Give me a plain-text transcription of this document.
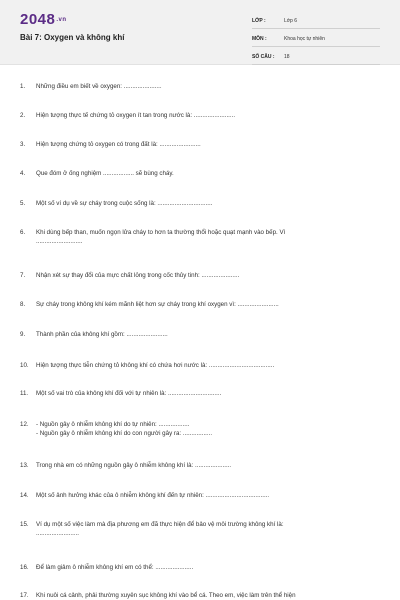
2048.vn
Bài 7: Oxygen và không khí
LỚP :	Lớp 6
MÔN :	Khoa học tự nhiên
SỐ CÂU :	18
1.	Những điều em biết về oxygen: ......................
2.	Hiện tượng thực tế chứng tỏ oxygen ít tan trong nước là: ........................
3.	Hiện tượng chứng tỏ oxygen có trong đất là: ........................
4.	Que đóm ở ống nghiệm .................. sẽ bùng cháy.
5.	Một số ví dụ về sự cháy trong cuộc sống là: ................................
6.	Khi dùng bếp than, muốn ngọn lửa cháy to hơn ta thường thổi hoặc quạt mạnh vào bếp. Vì
...........................
7.	Nhận xét sự thay đổi của mực chất lỏng trong cốc thủy tinh: ......................
8.	Sự cháy trong không khí kém mãnh liệt hơn sự cháy trong khí oxygen vì: ........................
9.	Thành phần của không khí gồm: ........................
10.	Hiện tượng thực tiễn chứng tỏ không khí có chứa hơi nước là: ......................................
11.	Một số vai trò của không khí đối với tự nhiên là: ...............................
12.	- Nguồn gây ô nhiễm không khí do tự nhiên: ..................
- Nguồn gây ô nhiễm không khí do con người gây ra: .................
13.	Trong nhà em có những nguồn gây ô nhiễm không khí là: .....................
14.	Một số ảnh hưởng khác của ô nhiễm không khí đến tự nhiên: .....................................
15.	Ví dụ một số việc làm mà địa phương em đã thực hiện để bảo vệ môi trường không khí là:
.........................
16.	Để làm giảm ô nhiễm không khí em có thể: ......................
17.	Khi nuôi cá cảnh, phải thường xuyên sục không khí vào bể cá. Theo em, việc làm trên thể hiện
